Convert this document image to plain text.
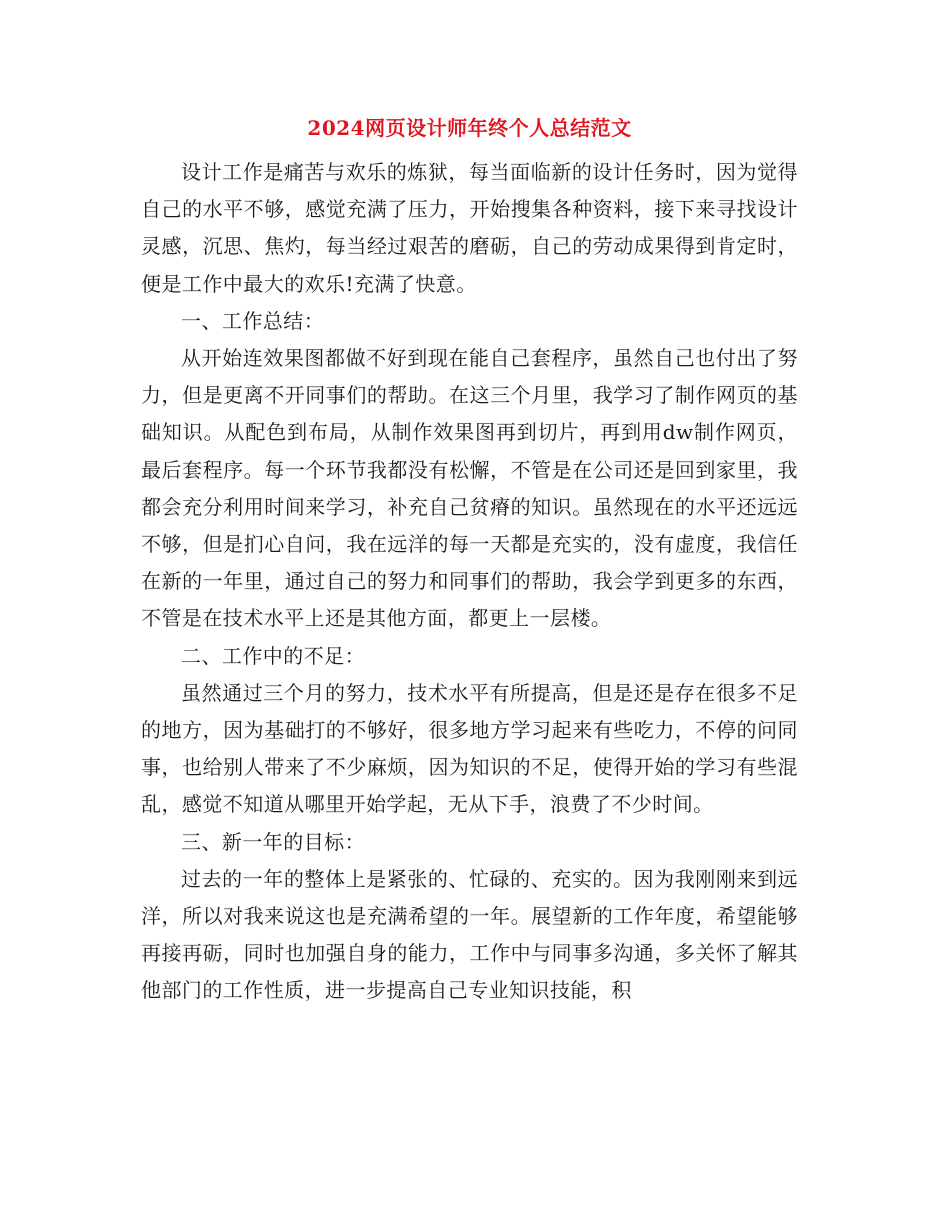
2024网页设计师年终个人总结范文

设计工作是痛苦与欢乐的炼狱，每当面临新的设计任务时，因为觉得自己的水平不够，感觉充满了压力，开始搜集各种资料，接下来寻找设计灵感，沉思、焦灼，每当经过艰苦的磨砺，自己的劳动成果得到肯定时，便是工作中最大的欢乐!充满了快意。

一、工作总结：

从开始连效果图都做不好到现在能自己套程序，虽然自己也付出了努力，但是更离不开同事们的帮助。在这三个月里，我学习了制作网页的基础知识。从配色到布局，从制作效果图再到切片，再到用dw制作网页，最后套程序。每一个环节我都没有松懈，不管是在公司还是回到家里，我都会充分利用时间来学习，补充自己贫瘠的知识。虽然现在的水平还远远不够，但是扪心自问，我在远洋的每一天都是充实的，没有虚度，我信任在新的一年里，通过自己的努力和同事们的帮助，我会学到更多的东西，不管是在技术水平上还是其他方面，都更上一层楼。

二、工作中的不足：

虽然通过三个月的努力，技术水平有所提高，但是还是存在很多不足的地方，因为基础打的不够好，很多地方学习起来有些吃力，不停的问同事，也给别人带来了不少麻烦，因为知识的不足，使得开始的学习有些混乱，感觉不知道从哪里开始学起，无从下手，浪费了不少时间。

三、新一年的目标：

过去的一年的整体上是紧张的、忙碌的、充实的。因为我刚刚来到远洋，所以对我来说这也是充满希望的一年。展望新的工作年度，希望能够再接再砺，同时也加强自身的能力，工作中与同事多沟通，多关怀了解其他部门的工作性质，进一步提高自己专业知识技能，积
